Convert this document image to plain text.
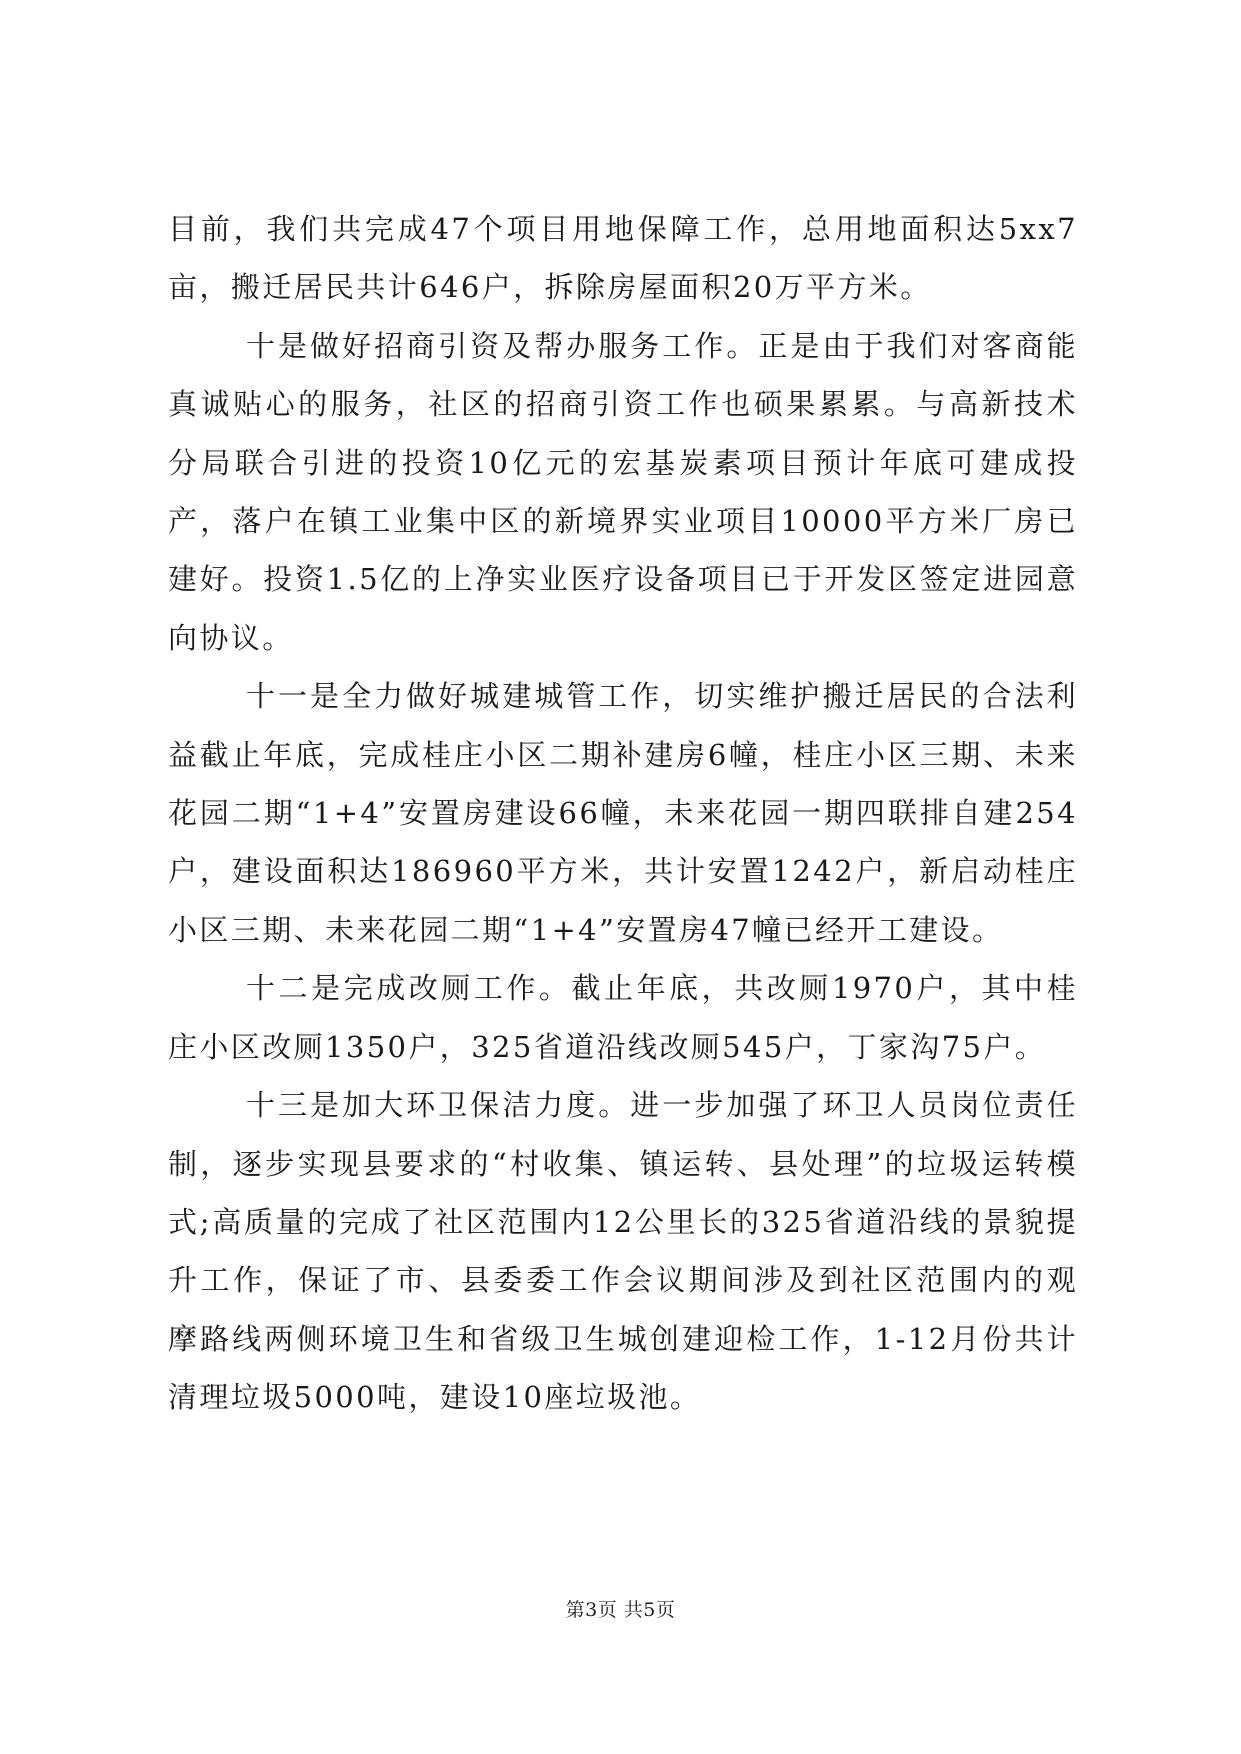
目前，我们共完成47个项目用地保障工作，总用地面积达5xx7亩，搬迁居民共计646户，拆除房屋面积20万平方米。

十是做好招商引资及帮办服务工作。正是由于我们对客商能真诚贴心的服务，社区的招商引资工作也硕果累累。与高新技术分局联合引进的投资10亿元的宏基炭素项目预计年底可建成投产，落户在镇工业集中区的新境界实业项目10000平方米厂房已建好。投资1.5亿的上净实业医疗设备项目已于开发区签定进园意向协议。

十一是全力做好城建城管工作，切实维护搬迁居民的合法利益截止年底，完成桂庄小区二期补建房6幢，桂庄小区三期、未来花园二期“1+4”安置房建设66幢，未来花园一期四联排自建254户，建设面积达186960平方米，共计安置1242户，新启动桂庄小区三期、未来花园二期“1+4”安置房47幢已经开工建设。

十二是完成改厕工作。截止年底，共改厕1970户，其中桂庄小区改厕1350户，325省道沿线改厕545户，丁家沟75户。

十三是加大环卫保洁力度。进一步加强了环卫人员岗位责任制，逐步实现县要求的“村收集、镇运转、县处理”的垃圾运转模式;高质量的完成了社区范围内12公里长的325省道沿线的景貌提升工作，保证了市、县委委工作会议期间涉及到社区范围内的观摩路线两侧环境卫生和省级卫生城创建迎检工作，1-12月份共计清理垃圾5000吨，建设10座垃圾池。

第3页 共5页
